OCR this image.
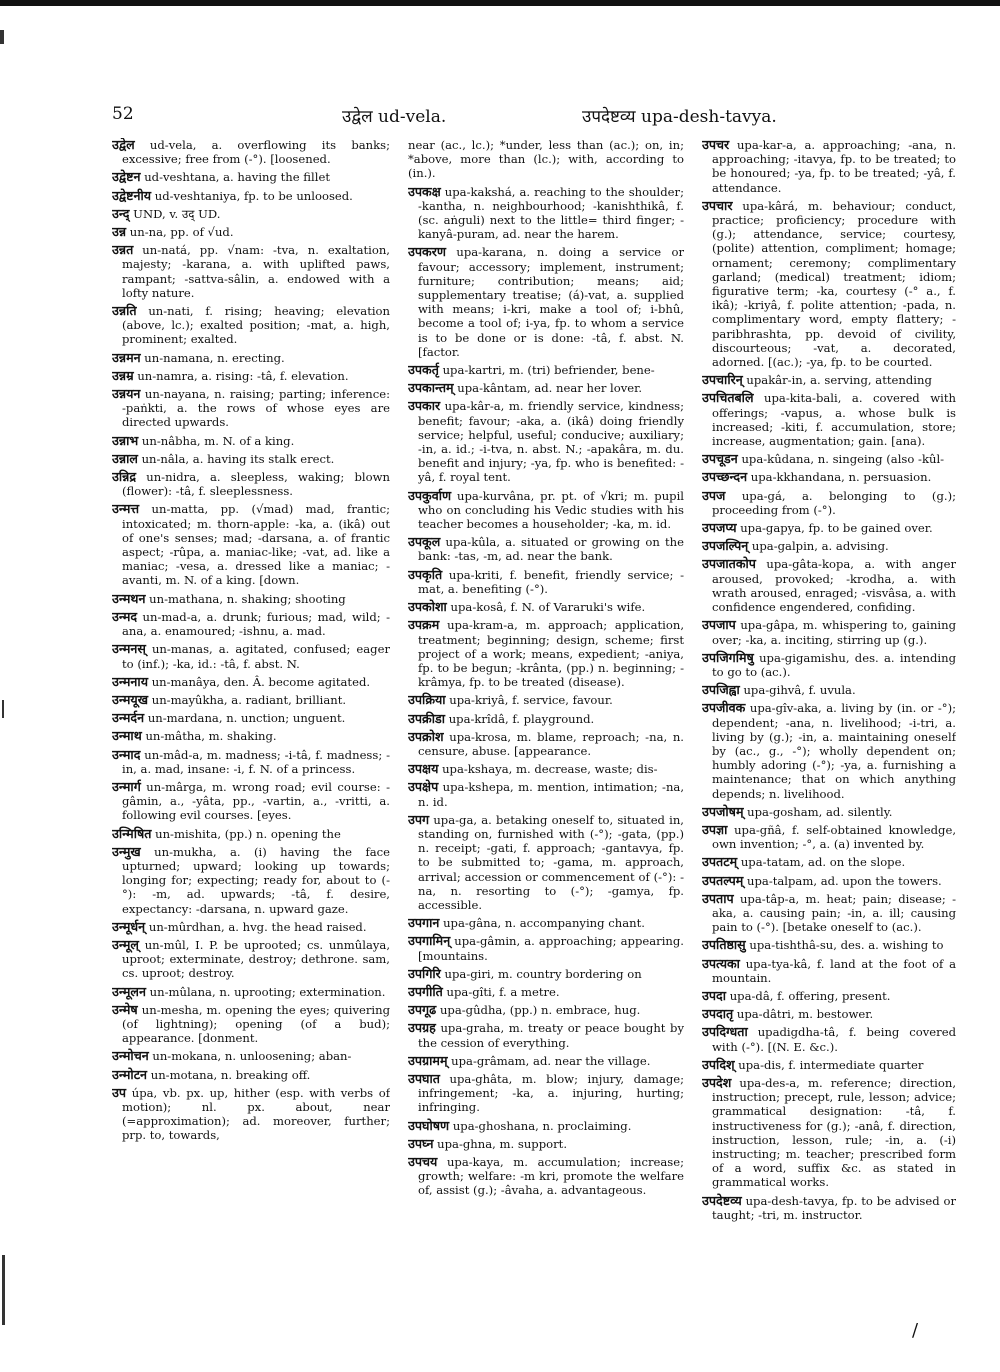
52	उद्वेल ud-vela.	उपदेष्टव्य upa-desh-tavya.

उद्वेल ud-vela, a. overflowing its banks; excessive; free from (-°). [loosened.

उद्वेष्टन ud-veshtana, a. having the fillet

उद्वेष्टनीय ud-veshtaniya, fp. to be unloosed.

उन्द् UND, v. उद् UD.

उन्न un-na, pp. of √ud.

उन्नत un-natá, pp. √nam: -tva, n. exaltation, majesty; -karana, a. with uplifted paws, rampant; -sattva-sâlin, a. endowed with a lofty nature.

उन्नति un-nati, f. rising; heaving; elevation (above, lc.); exalted position; -mat, a. high, prominent; exalted.

उन्नमन un-namana, n. erecting.

उन्नम्र un-namra, a. rising: -tâ, f. elevation.

उन्नयन un-nayana, n. raising; parting; inference: -paṅkti, a. the rows of whose eyes are directed upwards.

उन्नाभ un-nâbha, m. N. of a king.

उन्नाल un-nâla, a. having its stalk erect.

उन्निद्र un-nidra, a. sleepless, waking; blown (flower): -tâ, f. sleeplessness.

उन्मत्त un-matta, pp. (√mad) mad, frantic; intoxicated; m. thorn-apple: -ka, a. (ikâ) out of one's senses; mad; -darsana, a. of frantic aspect; -rûpa, a. maniac-like; -vat, ad. like a maniac; -vesa, a. dressed like a maniac; -avanti, m. N. of a king. [down.

उन्मथन un-mathana, n. shaking; shooting

उन्मद un-mad-a, a. drunk; furious; mad, wild; -ana, a. enamoured; -ishnu, a. mad.

उन्मनस् un-manas, a. agitated, confused; eager to (inf.); -ka, id.: -tâ, f. abst. N.

उन्मनाय un-manâya, den. Â. become agitated.

उन्मयूख un-mayûkha, a. radiant, brilliant.

उन्मर्दन un-mardana, n. unction; unguent.

उन्माथ un-mâtha, m. shaking.

उन्माद un-mâd-a, m. madness; -i-tâ, f. madness; -in, a. mad, insane: -i, f. N. of a princess.

उन्मार्ग un-mârga, m. wrong road; evil course: -gâmin, a., -yâta, pp., -vartin, a., -vritti, a. following evil courses. [eyes.

उन्मिषित un-mishita, (pp.) n. opening the

उन्मुख un-mukha, a. (i) having the face upturned; upward; looking up towards; longing for; expecting; ready for, about to (-°): -m, ad. upwards; -tâ, f. desire, expectancy: -darsana, n. upward gaze.

उन्मूर्धन् un-mûrdhan, a. hvg. the head raised.

उन्मूल् un-mûl, I. P. be uprooted; cs. unmûlaya, uproot; exterminate, destroy; dethrone. sam, cs. uproot; destroy.

उन्मूलन un-mûlana, n. uprooting; extermination.

उन्मेष un-mesha, m. opening the eyes; quivering (of lightning); opening (of a bud); appearance. [donment.

उन्मोचन un-mokana, n. unloosening; aban-

उन्मोटन un-motana, n. breaking off.

उप úpa, vb. px. up, hither (esp. with verbs of motion); nl. px. about, near (=approximation); ad. moreover, further; prp. to, towards,

near (ac., lc.); *under, less than (ac.); on, in; *above, more than (lc.); with, according to (in.).

उपकक्ष upa-kakshá, a. reaching to the shoulder; -kantha, n. neighbourhood; -kanishthikâ, f. (sc. aṅguli) next to the little= third finger; -kanyâ-puram, ad. near the harem.

उपकरण upa-karana, n. doing a service or favour; accessory; implement, instrument; furniture; contribution; means; aid; supplementary treatise; (á)-vat, a. supplied with means; i-kri, make a tool of; i-bhû, become a tool of; i-ya, fp. to whom a service is to be done or is done: -tâ, f. abst. N. [factor.

उपकर्तृ upa-kartri, m. (tri) befriender, bene-

उपकान्तम् upa-kântam, ad. near her lover.

उपकार upa-kâr-a, m. friendly service, kindness; benefit; favour; -aka, a. (ikâ) doing friendly service; helpful, useful; conducive; auxiliary; -in, a. id.; -i-tva, n. abst. N.; -apakâra, m. du. benefit and injury; -ya, fp. who is benefited: -yâ, f. royal tent.

उपकुर्वाण upa-kurvâna, pr. pt. of √kri; m. pupil who on concluding his Vedic studies with his teacher becomes a householder; -ka, m. id.

उपकूल upa-kûla, a. situated or growing on the bank: -tas, -m, ad. near the bank.

उपकृति upa-kriti, f. benefit, friendly service; -mat, a. benefiting (-°).

उपकोशा upa-kosâ, f. N. of Vararuki's wife.

उपक्रम upa-kram-a, m. approach; application, treatment; beginning; design, scheme; first project of a work; means, expedient; -aniya, fp. to be begun; -krânta, (pp.) n. beginning; -krâmya, fp. to be treated (disease).

उपक्रिया upa-kriyâ, f. service, favour.

उपक्रीडा upa-krîdâ, f. playground.

उपक्रोश upa-krosa, m. blame, reproach; -na, n. censure, abuse. [appearance.

उपक्षय upa-kshaya, m. decrease, waste; dis-

उपक्षेप upa-kshepa, m. mention, intimation; -na, n. id.

उपग upa-ga, a. betaking oneself to, situated in, standing on, furnished with (-°); -gata, (pp.) n. receipt; -gati, f. approach; -gantavya, fp. to be submitted to; -gama, m. approach, arrival; accession or commencement of (-°): -na, n. resorting to (-°); -gamya, fp. accessible.

उपगान upa-gâna, n. accompanying chant.

उपगामिन् upa-gâmin, a. approaching; appearing. [mountains.

उपगिरि upa-giri, m. country bordering on

उपगीति upa-gîti, f. a metre.

उपगूढ upa-gûdha, (pp.) n. embrace, hug.

उपग्रह upa-graha, m. treaty or peace bought by the cession of everything.

उपग्रामम् upa-grâmam, ad. near the village.

उपघात upa-ghâta, m. blow; injury, damage; infringement; -ka, a. injuring, hurting; infringing.

उपघोषण upa-ghoshana, n. proclaiming.

उपघ्न upa-ghna, m. support.

उपचय upa-kaya, m. accumulation; increase; growth; welfare: -m kri, promote the welfare of, assist (g.); -âvaha, a. advantageous.

उपचर upa-kar-a, a. approaching; -ana, n. approaching; -itavya, fp. to be treated; to be honoured; -ya, fp. to be treated; -yâ, f. attendance.

उपचार upa-kârá, m. behaviour; conduct, practice; proficiency; procedure with (g.); attendance, service; courtesy, (polite) attention, compliment; homage; ornament; ceremony; complimentary garland; (medical) treatment; idiom; figurative term; -ka, courtesy (-° a., f. ikâ); -kriyâ, f. polite attention; -pada, n. complimentary word, empty flattery; -paribhrashta, pp. devoid of civility, discourteous; -vat, a. decorated, adorned. [(ac.); -ya, fp. to be courted.

उपचारिन् upakâr-in, a. serving, attending

उपचितबलि upa-kita-bali, a. covered with offerings; -vapus, a. whose bulk is increased; -kiti, f. accumulation, store; increase, augmentation; gain. [ana).

उपचूडन upa-kûdana, n. singeing (also -kûl-

उपच्छन्दन upa-kkhandana, n. persuasion.

उपज upa-gá, a. belonging to (g.); proceeding from (-°).

उपजप्य upa-gapya, fp. to be gained over.

उपजल्पिन् upa-galpin, a. advising.

उपजातकोप upa-gâta-kopa, a. with anger aroused, provoked; -krodha, a. with wrath aroused, enraged; -visvâsa, a. with confidence engendered, confiding.

उपजाप upa-gâpa, m. whispering to, gaining over; -ka, a. inciting, stirring up (g.).

उपजिगमिषु upa-gigamishu, des. a. intending to go to (ac.).

उपजिह्वा upa-gihvâ, f. uvula.

उपजीवक upa-gîv-aka, a. living by (in. or -°); dependent; -ana, n. livelihood; -i-tri, a. living by (g.); -in, a. maintaining oneself by (ac., g., -°); wholly dependent on; humbly adoring (-°); -ya, a. furnishing a maintenance; that on which anything depends; n. livelihood.

उपजोषम् upa-gosham, ad. silently.

उपज्ञा upa-gñâ, f. self-obtained knowledge, own invention; -°, a. (a) invented by.

उपतटम् upa-tatam, ad. on the slope.

उपतल्पम् upa-talpam, ad. upon the towers.

उपताप upa-tâp-a, m. heat; pain; disease; -aka, a. causing pain; -in, a. ill; causing pain to (-°). [betake oneself to (ac.).

उपतिष्ठासु upa-tishthâ-su, des. a. wishing to

उपत्यका upa-tya-kâ, f. land at the foot of a mountain.

उपदा upa-dâ, f. offering, present.

उपदातृ upa-dâtri, m. bestower.

उपदिग्धता upadigdha-tâ, f. being covered with (-°). [(N. E. &c.).

उपदिश् upa-dis, f. intermediate quarter

उपदेश upa-des-a, m. reference; direction, instruction; precept, rule, lesson; advice; grammatical designation: -tâ, f. instructiveness for (g.); -anâ, f. direction, instruction, lesson, rule; -in, a. (-i) instructing; m. teacher; prescribed form of a word, suffix &c. as stated in grammatical works.

उपदेष्टव्य upa-desh-tavya, fp. to be advised or taught; -tri, m. instructor.

/
